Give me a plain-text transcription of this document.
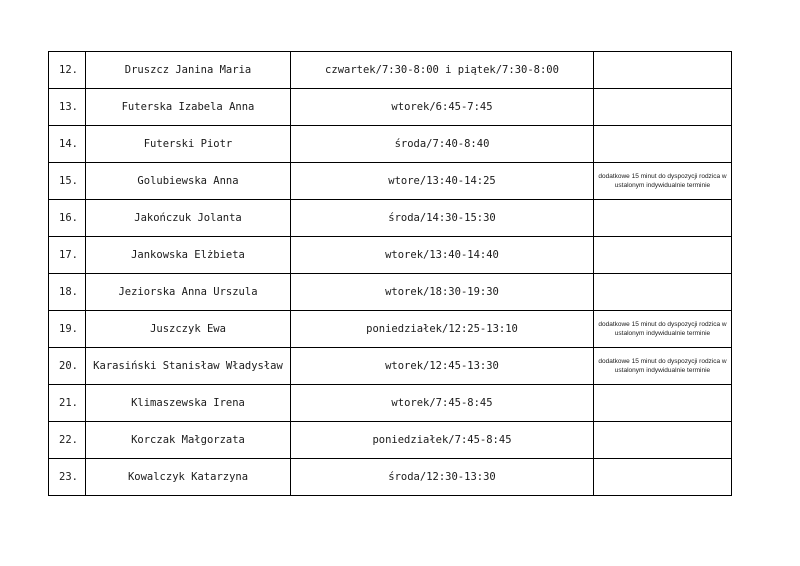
12.	Druszcz Janina Maria	czwartek/7:30-8:00 i piątek/7:30-8:00	
13.	Futerska Izabela Anna	wtorek/6:45-7:45	
14.	Futerski Piotr	środa/7:40-8:40	
15.	Golubiewska Anna	wtore/13:40-14:25	dodatkowe 15 minut do dyspozycji rodzica w ustalonym indywidualnie terminie
16.	Jakończuk Jolanta	środa/14:30-15:30	
17.	Jankowska Elżbieta	wtorek/13:40-14:40	
18.	Jeziorska Anna Urszula	wtorek/18:30-19:30	
19.	Juszczyk Ewa	poniedziałek/12:25-13:10	dodatkowe 15 minut do dyspozycji rodzica w ustalonym indywidualnie terminie
20.	Karasiński Stanisław Władysław	wtorek/12:45-13:30	dodatkowe 15 minut do dyspozycji rodzica w ustalonym indywidualnie terminie
21.	Klimaszewska Irena	wtorek/7:45-8:45	
22.	Korczak Małgorzata	poniedziałek/7:45-8:45	
23.	Kowalczyk Katarzyna	środa/12:30-13:30	
